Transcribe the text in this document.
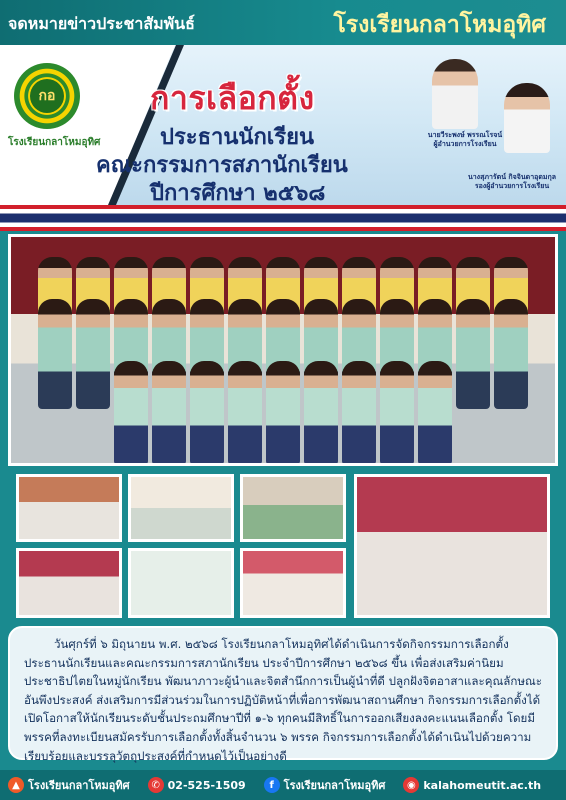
จดหมายข่าวประชาสัมพันธ์	โรงเรียนกลาโหมอุทิศ
กอ
โรงเรียนกลาโหมอุทิศ
การเลือกตั้ง
ประธานนักเรียน
คณะกรรมการสภานักเรียน
ปีการศึกษา ๒๕๖๘
นายวีระพงษ์ พรรณโรจน์
ผู้อำนวยการโรงเรียน
นางสุภารัตน์ กิจจินดาอุดมกุล
รองผู้อำนวยการโรงเรียน

วันศุกร์ที่ ๖ มิถุนายน พ.ศ. ๒๕๖๘ โรงเรียนกลาโหมอุทิศได้ดำเนินการจัดกิจกรรมการเลือกตั้งประธานนักเรียนและคณะกรรมการสภานักเรียน ประจำปีการศึกษา ๒๕๖๘ ขึ้น เพื่อส่งเสริมค่านิยมประชาธิปไตยในหมู่นักเรียน พัฒนาภาวะผู้นำและจิตสำนึกการเป็นผู้นำที่ดี ปลูกฝังจิตอาสาและคุณลักษณะอันพึงประสงค์ ส่งเสริมการมีส่วนร่วมในการปฏิบัติหน้าที่เพื่อการพัฒนาสถานศึกษา กิจกรรมการเลือกตั้งได้เปิดโอกาสให้นักเรียนระดับชั้นประถมศึกษาปีที่ ๑-๖ ทุกคนมีสิทธิ์ในการออกเสียงลงคะแนนเลือกตั้ง โดยมีพรรคที่ลงทะเบียนสมัครรับการเลือกตั้งทั้งสิ้นจำนวน ๖ พรรค กิจกรรมการเลือกตั้งได้ดำเนินไปด้วยความเรียบร้อยและบรรลุวัตถุประสงค์ที่กำหนดไว้เป็นอย่างดี

▲ โรงเรียนกลาโหมอุทิศ	✆ 02-525-1509	f โรงเรียนกลาโหมอุทิศ	◉ kalahomeutit.ac.th
